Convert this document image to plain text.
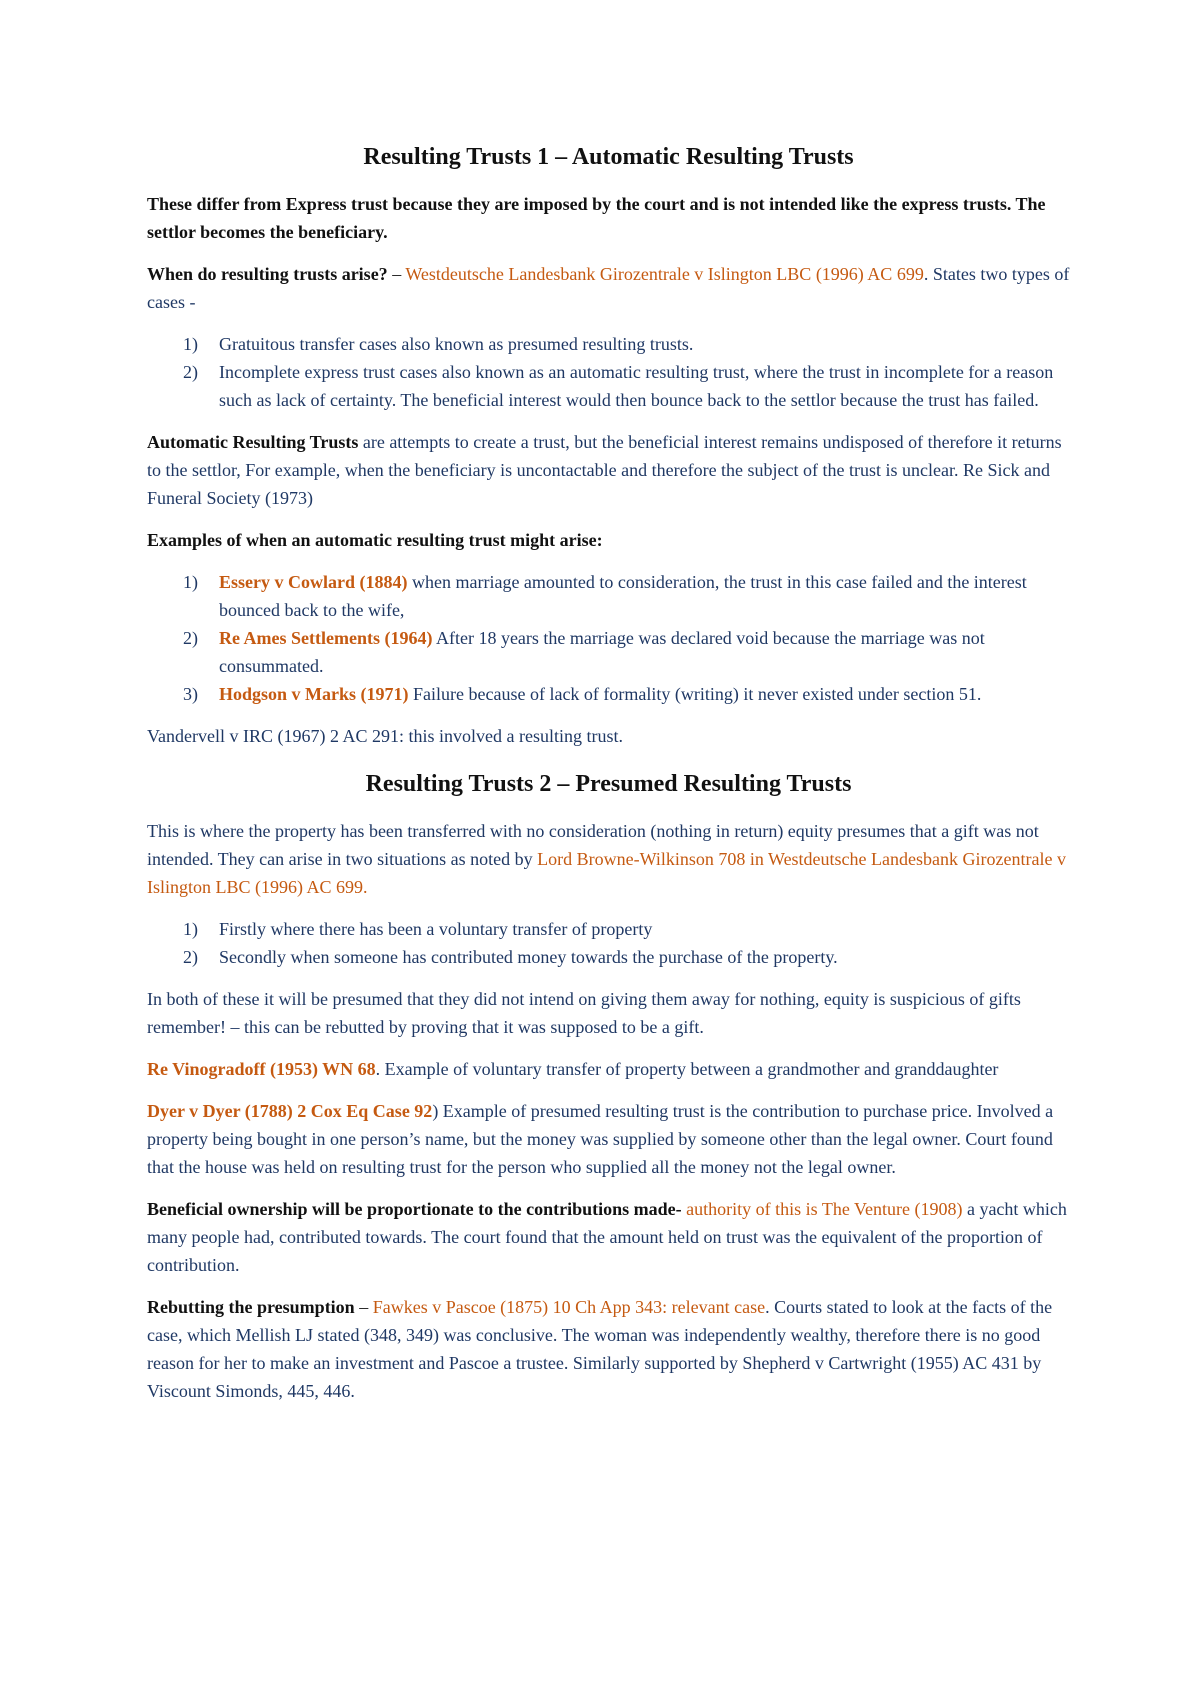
Resulting Trusts 1 – Automatic Resulting Trusts

These differ from Express trust because they are imposed by the court and is not intended like the express trusts. The settlor becomes the beneficiary.

When do resulting trusts arise? – Westdeutsche Landesbank Girozentrale v Islington LBC (1996) AC 699. States two types of cases -

1) Gratuitous transfer cases also known as presumed resulting trusts.
2) Incomplete express trust cases also known as an automatic resulting trust, where the trust in incomplete for a reason such as lack of certainty. The beneficial interest would then bounce back to the settlor because the trust has failed.

Automatic Resulting Trusts are attempts to create a trust, but the beneficial interest remains undisposed of therefore it returns to the settlor, For example, when the beneficiary is uncontactable and therefore the subject of the trust is unclear. Re Sick and Funeral Society (1973)

Examples of when an automatic resulting trust might arise:

1) Essery v Cowlard (1884) when marriage amounted to consideration, the trust in this case failed and the interest bounced back to the wife,
2) Re Ames Settlements (1964) After 18 years the marriage was declared void because the marriage was not consummated.
3) Hodgson v Marks (1971) Failure because of lack of formality (writing) it never existed under section 51.

Vandervell v IRC (1967) 2 AC 291: this involved a resulting trust.

Resulting Trusts 2 – Presumed Resulting Trusts

This is where the property has been transferred with no consideration (nothing in return) equity presumes that a gift was not intended. They can arise in two situations as noted by Lord Browne-Wilkinson 708 in Westdeutsche Landesbank Girozentrale v Islington LBC (1996) AC 699.

1) Firstly where there has been a voluntary transfer of property
2) Secondly when someone has contributed money towards the purchase of the property.

In both of these it will be presumed that they did not intend on giving them away for nothing, equity is suspicious of gifts remember! – this can be rebutted by proving that it was supposed to be a gift.

Re Vinogradoff (1953) WN 68. Example of voluntary transfer of property between a grandmother and granddaughter

Dyer v Dyer (1788) 2 Cox Eq Case 92) Example of presumed resulting trust is the contribution to purchase price. Involved a property being bought in one person’s name, but the money was supplied by someone other than the legal owner. Court found that the house was held on resulting trust for the person who supplied all the money not the legal owner.

Beneficial ownership will be proportionate to the contributions made- authority of this is The Venture (1908) a yacht which many people had, contributed towards. The court found that the amount held on trust was the equivalent of the proportion of contribution.

Rebutting the presumption – Fawkes v Pascoe (1875) 10 Ch App 343: relevant case. Courts stated to look at the facts of the case, which Mellish LJ stated (348, 349) was conclusive. The woman was independently wealthy, therefore there is no good reason for her to make an investment and Pascoe a trustee. Similarly supported by Shepherd v Cartwright (1955) AC 431 by Viscount Simonds, 445, 446.
